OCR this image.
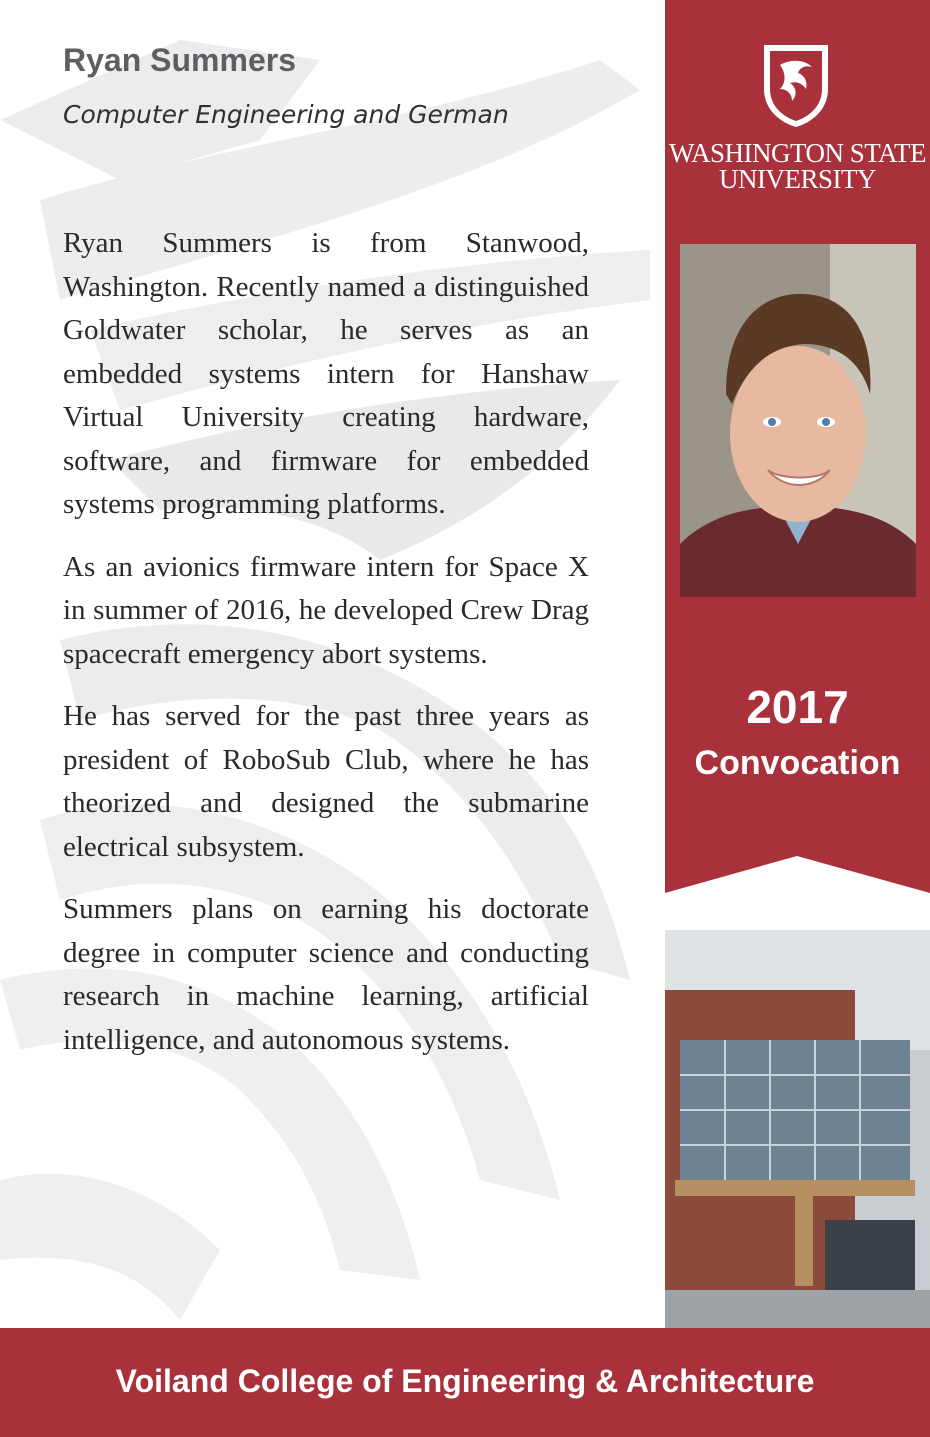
Ryan Summers
Computer Engineering and German

Ryan Summers is from Stanwood, Washington. Recently named a distinguished Goldwater scholar, he serves as an embedded systems intern for Hanshaw Virtual University creating hardware, software, and firmware for embedded systems programming platforms.

As an avionics firmware intern for Space X in summer of 2016, he developed Crew Drag spacecraft emergency abort systems.

He has served for the past three years as president of RoboSub Club, where he has theorized and designed the submarine electrical subsystem.

Summers plans on earning his doctorate degree in computer science and conducting research in machine learning, artificial intelligence, and autonomous systems.

WASHINGTON STATE
UNIVERSITY
2017
Convocation
Voiland College of Engineering & Architecture
